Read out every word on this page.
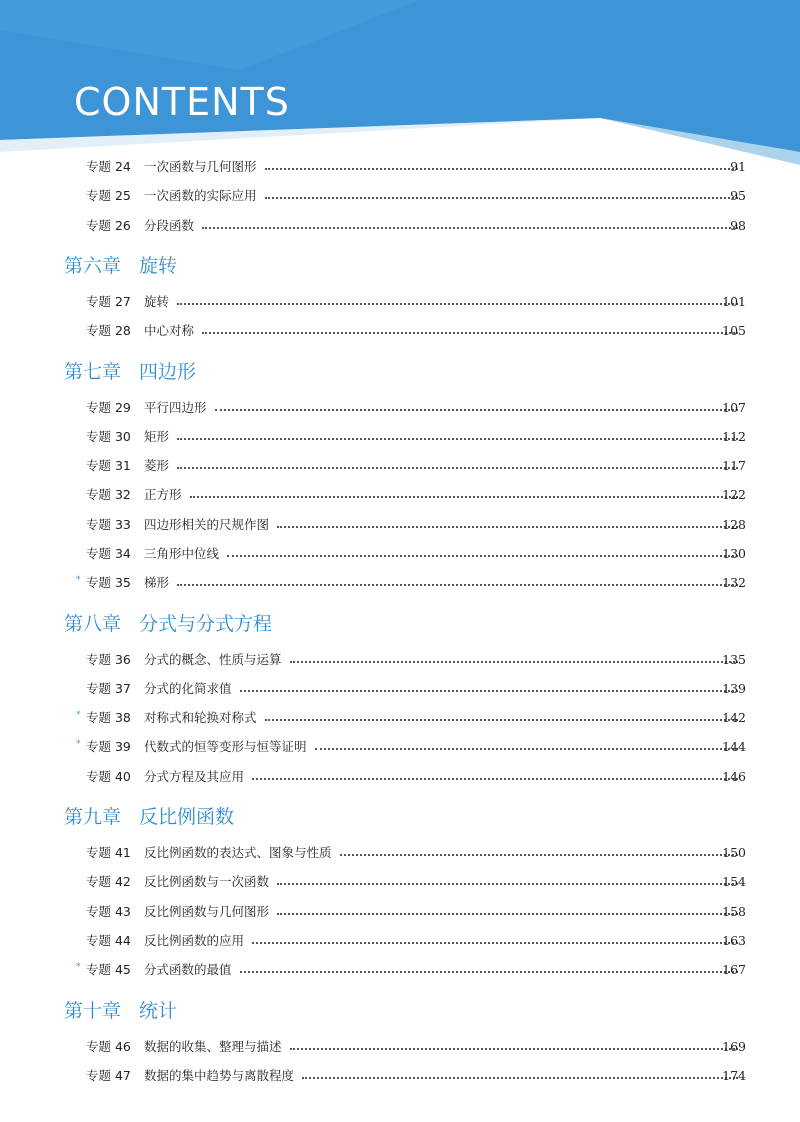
CONTENTS
专题 24 一次函数与几何图形	91
专题 25 一次函数的实际应用	95
专题 26 分段函数	98
第六章 旋转
专题 27 旋转	101
专题 28 中心对称	105
第七章 四边形
专题 29 平行四边形	107
专题 30 矩形	112
专题 31 菱形	117
专题 32 正方形	122
专题 33 四边形相关的尺规作图	128
专题 34 三角形中位线	130
* 专题 35 梯形	132
第八章 分式与分式方程
专题 36 分式的概念、性质与运算	135
专题 37 分式的化简求值	139
* 专题 38 对称式和轮换对称式	142
* 专题 39 代数式的恒等变形与恒等证明	144
专题 40 分式方程及其应用	146
第九章 反比例函数
专题 41 反比例函数的表达式、图象与性质	150
专题 42 反比例函数与一次函数	154
专题 43 反比例函数与几何图形	158
专题 44 反比例函数的应用	163
* 专题 45 分式函数的最值	167
第十章 统计
专题 46 数据的收集、整理与描述	169
专题 47 数据的集中趋势与离散程度	174
